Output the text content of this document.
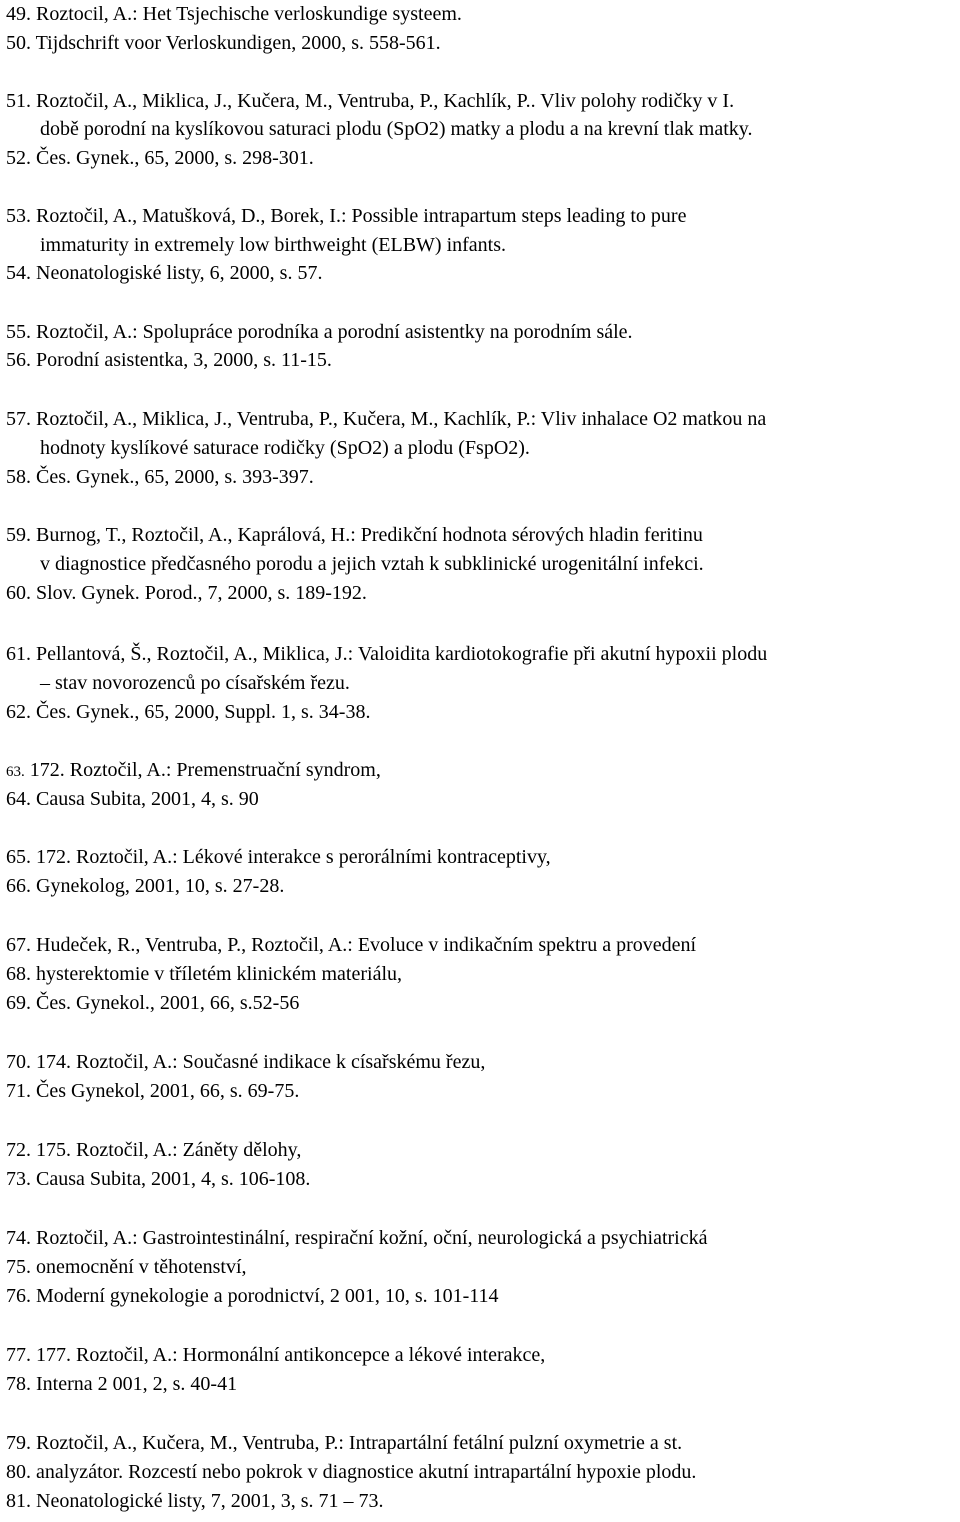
49. Roztocil, A.: Het Tsjechische verloskundige systeem.
50. Tijdschrift voor Verloskundigen, 2000, s. 558-561.
51. Roztočil, A., Miklica, J., Kučera, M., Ventruba, P., Kachlík, P.. Vliv polohy rodičky v I.
době porodní na kyslíkovou saturaci plodu (SpO2) matky a plodu a na krevní tlak matky.
52. Čes. Gynek., 65, 2000, s. 298-301.
53. Roztočil, A., Matušková, D., Borek, I.: Possible intrapartum steps leading to pure
immaturity in extremely low birthweight (ELBW) infants.
54. Neonatologiské listy, 6, 2000, s. 57.
55. Roztočil, A.: Spolupráce porodníka a porodní asistentky na porodním sále.
56. Porodní asistentka, 3, 2000, s. 11-15.
57. Roztočil, A., Miklica, J., Ventruba, P., Kučera, M., Kachlík, P.: Vliv inhalace O2 matkou na
hodnoty kyslíkové saturace rodičky (SpO2) a plodu (FspO2).
58. Čes. Gynek., 65, 2000, s. 393-397.
59. Burnog, T., Roztočil, A., Kaprálová, H.: Predikční hodnota sérových hladin feritinu
v diagnostice předčasného porodu a jejich vztah k subklinické urogenitální infekci.
60. Slov. Gynek. Porod., 7, 2000, s. 189-192.
61. Pellantová, Š., Roztočil, A., Miklica, J.: Valoidita kardiotokografie při akutní hypoxii plodu
– stav novorozenců po císařském řezu.
62. Čes. Gynek., 65, 2000, Suppl. 1, s. 34-38.
63. 172. Roztočil, A.: Premenstruační syndrom,
64. Causa Subita, 2001, 4, s. 90
65. 172. Roztočil, A.: Lékové interakce s perorálními kontraceptivy,
66. Gynekolog, 2001, 10, s. 27-28.
67. Hudeček, R., Ventruba, P., Roztočil, A.: Evoluce v indikačním spektru a provedení
68. hysterektomie v tříletém klinickém materiálu,
69. Čes. Gynekol., 2001, 66, s.52-56
70. 174. Roztočil, A.: Současné indikace k císařskému řezu,
71. Čes Gynekol, 2001, 66, s. 69-75.
72. 175. Roztočil, A.: Záněty dělohy,
73. Causa Subita, 2001, 4, s. 106-108.
74. Roztočil, A.: Gastrointestinální, respirační kožní, oční, neurologická a psychiatrická
75. onemocnění v těhotenství,
76. Moderní gynekologie a porodnictví, 2 001, 10, s. 101-114
77. 177. Roztočil, A.: Hormonální antikoncepce a lékové interakce,
78. Interna 2 001, 2, s. 40-41
79. Roztočil, A., Kučera, M., Ventruba, P.: Intrapartální fetální pulzní oxymetrie a st.
80. analyzátor. Rozcestí nebo pokrok v diagnostice akutní intrapartální hypoxie plodu.
81. Neonatologické listy, 7, 2001, 3, s. 71 – 73.
